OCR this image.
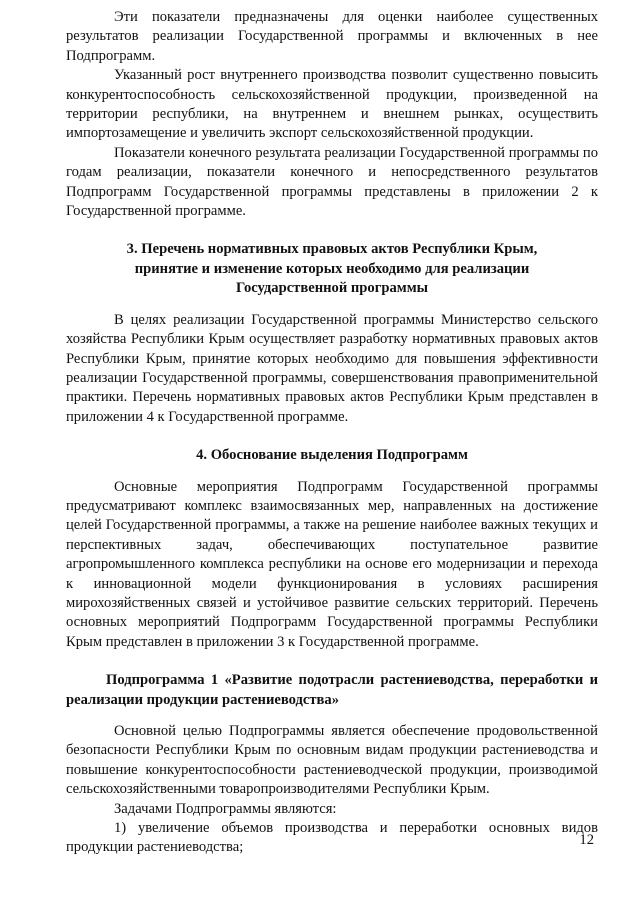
Эти показатели предназначены для оценки наиболее существенных результатов реализации Государственной программы и включенных в нее Подпрограмм.

Указанный рост внутреннего производства позволит существенно повысить конкурентоспособность сельскохозяйственной продукции, произведенной на территории республики, на внутреннем и внешнем рынках, осуществить импортозамещение и увеличить экспорт сельскохозяйственной продукции.

Показатели конечного результата реализации Государственной программы по годам реализации, показатели конечного и непосредственного результатов Подпрограмм Государственной программы представлены в приложении 2 к Государственной программе.

3. Перечень нормативных правовых актов Республики Крым,

принятие и изменение которых необходимо для реализации

Государственной программы

В целях реализации Государственной программы Министерство сельского хозяйства Республики Крым осуществляет разработку нормативных правовых актов Республики Крым, принятие которых необходимо для повышения эффективности реализации Государственной программы, совершенствования правоприменительной практики. Перечень нормативных правовых актов Республики Крым представлен в приложении 4 к Государственной программе.

4. Обоснование выделения Подпрограмм

Основные мероприятия Подпрограмм Государственной программы предусматривают комплекс взаимосвязанных мер, направленных на достижение целей Государственной программы, а также на решение наиболее важных текущих и перспективных задач, обеспечивающих поступательное развитие агропромышленного комплекса республики на основе его модернизации и перехода к инновационной модели функционирования в условиях расширения мирохозяйственных связей и устойчивое развитие сельских территорий. Перечень основных мероприятий Подпрограмм Государственной программы Республики Крым представлен в приложении 3 к Государственной программе.

Подпрограмма 1 «Развитие подотрасли растениеводства, переработки и реализации продукции растениеводства»

Основной целью Подпрограммы является обеспечение продовольственной безопасности Республики Крым по основным видам продукции растениеводства и повышение конкурентоспособности растениеводческой продукции, производимой сельскохозяйственными товаропроизводителями Республики Крым.

Задачами Подпрограммы являются:

1) увеличение объемов производства и переработки основных видов продукции растениеводства;	12
